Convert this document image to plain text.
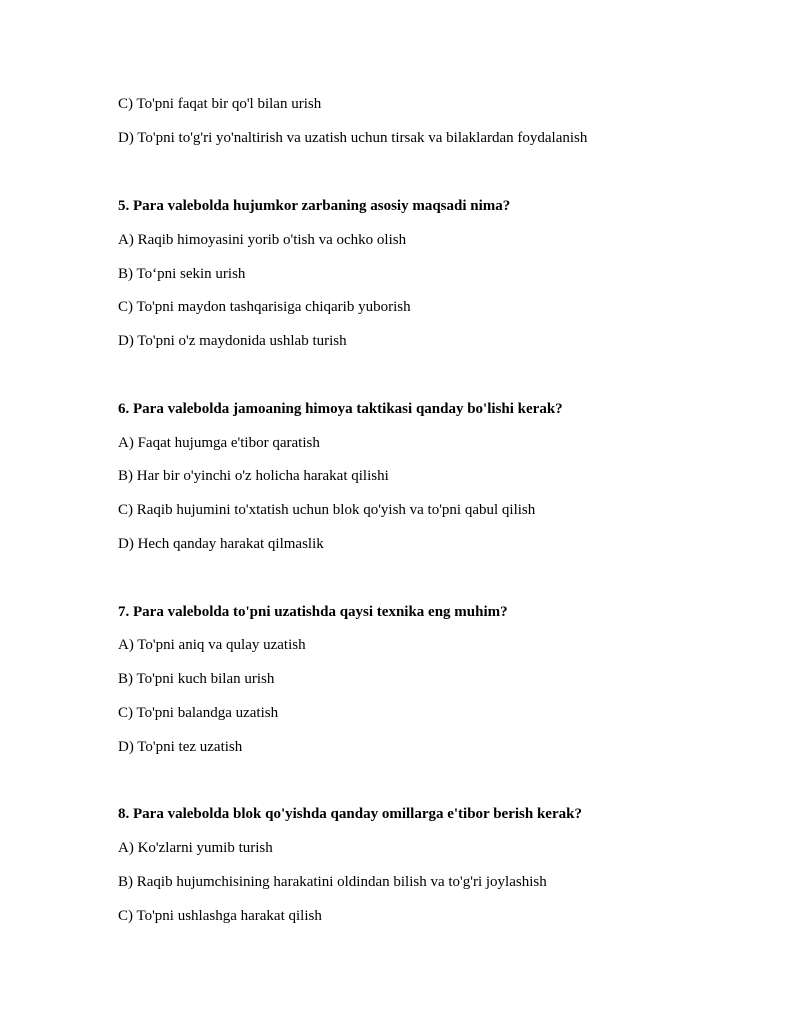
C) To'pni faqat bir qo'l bilan urish
D) To'pni to'g'ri yo'naltirish va uzatish uchun tirsak va bilaklardan foydalanish
5. Para valebolda hujumkor zarbaning asosiy maqsadi nima?
A) Raqib himoyasini yorib o'tish va ochko olish
B) To‘pni sekin urish
C) To'pni maydon tashqarisiga chiqarib yuborish
D) To'pni o'z maydonida ushlab turish
6. Para valebolda jamoaning himoya taktikasi qanday bo'lishi kerak?
A) Faqat hujumga e'tibor qaratish
B) Har bir o'yinchi o'z holicha harakat qilishi
C) Raqib hujumini to'xtatish uchun blok qo'yish va to'pni qabul qilish
D) Hech qanday harakat qilmaslik
7. Para valebolda to'pni uzatishda qaysi texnika eng muhim?
A) To'pni aniq va qulay uzatish
B) To'pni kuch bilan urish
C) To'pni balandga uzatish
D) To'pni tez uzatish
8. Para valebolda blok qo'yishda qanday omillarga e'tibor berish kerak?
A) Ko'zlarni yumib turish
B) Raqib hujumchisining harakatini oldindan bilish va to'g'ri joylashish
C) To'pni ushlashga harakat qilish
